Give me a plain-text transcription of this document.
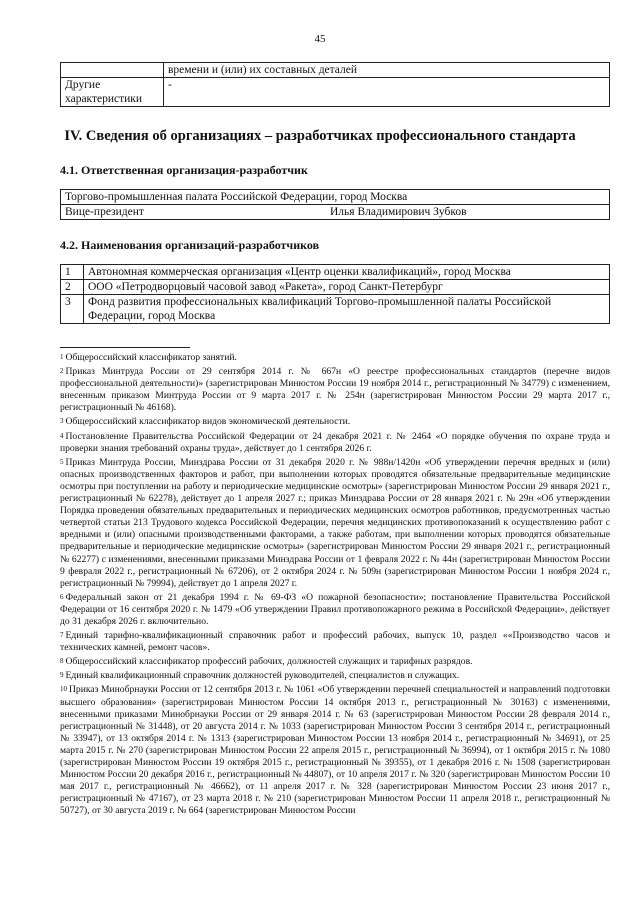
45
	времени и (или) их составных деталей
Другие характеристики	-
IV. Сведения об организациях – разработчиках профессионального стандарта
4.1. Ответственная организация-разработчик
Торгово-промышленная палата Российской Федерации, город Москва
Вице-президент	Илья Владимирович Зубков
4.2. Наименования организаций-разработчиков
1	Автономная коммерческая организация «Центр оценки квалификаций», город Москва
2	ООО «Петродворцовый часовой завод «Ракета», город Санкт-Петербург
3	Фонд развития профессиональных квалификаций Торгово-промышленной палаты Российской Федерации, город Москва

$^1$ Общероссийский классификатор занятий.

$^2$ Приказ Минтруда России от 29 сентября 2014 г. № 667н «О реестре профессиональных стандартов (перечне видов профессиональной деятельности)» (зарегистрирован Минюстом России 19 ноября 2014 г., регистрационный № 34779) с изменением, внесенным приказом Минтруда России от 9 марта 2017 г. № 254н (зарегистрирован Минюстом России 29 марта 2017 г., регистрационный № 46168).

$^3$ Общероссийский классификатор видов экономической деятельности.

$^4$ Постановление Правительства Российской Федерации от 24 декабря 2021 г. № 2464 «О порядке обучения по охране труда и проверки знания требований охраны труда», действует до 1 сентября 2026 г.

$^5$ Приказ Минтруда России, Минздрава России от 31 декабря 2020 г. № 988н/1420н «Об утверждении перечня вредных и (или) опасных производственных факторов и работ, при выполнении которых проводятся обязательные предварительные медицинские осмотры при поступлении на работу и периодические медицинские осмотры» (зарегистрирован Минюстом России 29 января 2021 г., регистрационный № 62278), действует до 1 апреля 2027 г.; приказ Минздрава России от 28 января 2021 г. № 29н «Об утверждении Порядка проведения обязательных предварительных и периодических медицинских осмотров работников, предусмотренных частью четвертой статьи 213 Трудового кодекса Российской Федерации, перечня медицинских противопоказаний к осуществлению работ с вредными и (или) опасными производственными факторами, а также работам, при выполнении которых проводятся обязательные предварительные и периодические медицинские осмотры» (зарегистрирован Минюстом России 29 января 2021 г., регистрационный № 62277) с изменениями, внесенными приказами Минздрава России от 1 февраля 2022 г. № 44н (зарегистрирован Минюстом России 9 февраля 2022 г., регистрационный № 67206), от 2 октября 2024 г. № 509н (зарегистрирован Минюстом России 1 ноября 2024 г., регистрационный № 79994), действует до 1 апреля 2027 г.

$^6$ Федеральный закон от 21 декабря 1994 г. № 69-ФЗ «О пожарной безопасности»; постановление Правительства Российской Федерации от 16 сентября 2020 г. № 1479 «Об утверждении Правил противопожарного режима в Российской Федерации», действует до 31 декабря 2026 г. включительно.

$^7$ Единый тарифно-квалификационный справочник работ и профессий рабочих, выпуск 10, раздел ««Производство часов и технических камней, ремонт часов».

$^8$ Общероссийский классификатор профессий рабочих, должностей служащих и тарифных разрядов.

$^9$ Единый квалификационный справочник должностей руководителей, специалистов и служащих.

$^{10}$ Приказ Минобрнауки России от 12 сентября 2013 г. № 1061 «Об утверждении перечней специальностей и направлений подготовки высшего образования» (зарегистрирован Минюстом России 14 октября 2013 г., регистрационный № 30163) с изменениями, внесенными приказами Минобрнауки России от 29 января 2014 г. № 63 (зарегистрирован Минюстом России 28 февраля 2014 г., регистрационный № 31448), от 20 августа 2014 г. № 1033 (зарегистрирован Минюстом России 3 сентября 2014 г., регистрационный № 33947), от 13 октября 2014 г. № 1313 (зарегистрирован Минюстом России 13 ноября 2014 г., регистрационный № 34691), от 25 марта 2015 г. № 270 (зарегистрирован Минюстом России 22 апреля 2015 г., регистрационный № 36994), от 1 октября 2015 г. № 1080 (зарегистрирован Минюстом России 19 октября 2015 г., регистрационный № 39355), от 1 декабря 2016 г. № 1508 (зарегистрирован Минюстом России 20 декабря 2016 г., регистрационный № 44807), от 10 апреля 2017 г. № 320 (зарегистрирован Минюстом России 10 мая 2017 г., регистрационный № 46662), от 11 апреля 2017 г. № 328 (зарегистрирован Минюстом России 23 июня 2017 г., регистрационный № 47167), от 23 марта 2018 г. № 210 (зарегистрирован Минюстом России 11 апреля 2018 г., регистрационный № 50727), от 30 августа 2019 г. № 664 (зарегистрирован Минюстом России
